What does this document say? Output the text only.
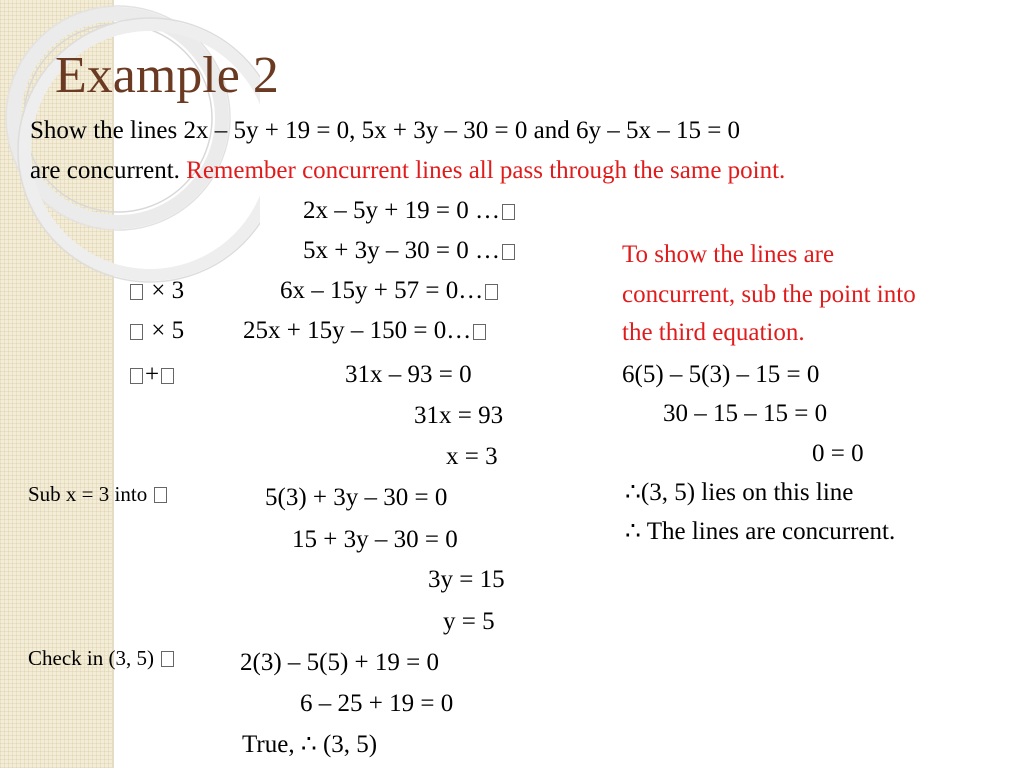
Example 2
Show the lines 2x – 5y + 19 = 0, 5x + 3y – 30 = 0 and 6y – 5x – 15 = 0
are concurrent. Remember concurrent lines all pass through the same point.
× 3
× 5
+
Sub x = 3 into
Check in (3, 5)
2x – 5y + 19 = 0 …
5x + 3y – 30 = 0 …
6x – 15y + 57 = 0…
25x + 15y – 150 = 0…
31x – 93 = 0
31x = 93
x = 3
5(3) + 3y – 30 = 0
15 + 3y – 30 = 0
3y = 15
y = 5
2(3) – 5(5) + 19 = 0
6 – 25 + 19 = 0
True, ∴ (3, 5)
To show the lines are
concurrent, sub the point into
the third equation.
6(5) – 5(3) – 15 = 0
30 – 15 – 15 = 0
0 = 0
∴(3, 5) lies on this line
∴ The lines are concurrent.
